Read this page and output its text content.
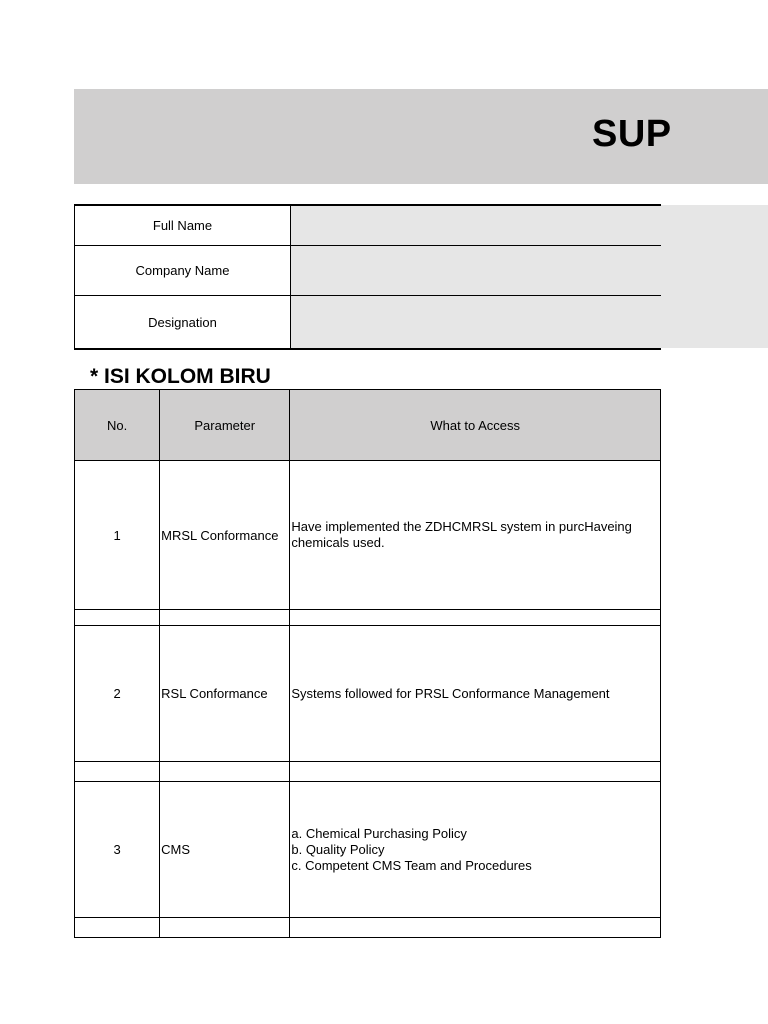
SUP
Full Name	
Company Name	
Designation	
* ISI KOLOM BIRU
No.	Parameter	What to Access
1	MRSL Conformance	Have implemented the ZDHCMRSL system in purcHaveing
chemicals used.

2	RSL Conformance	Systems followed for PRSL Conformance Management

3	CMS	a. Chemical Purchasing Policy
b. Quality Policy
c. Competent CMS Team and Procedures
